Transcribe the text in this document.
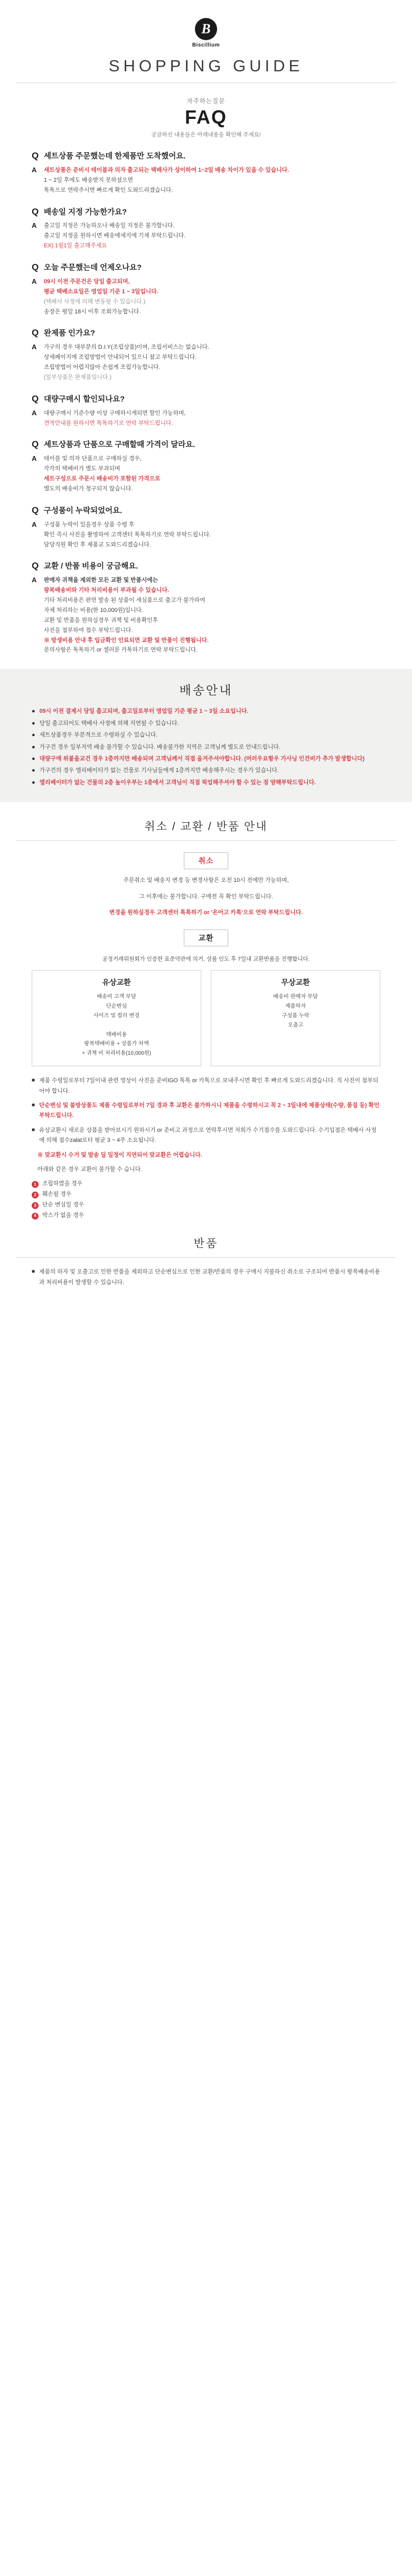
B
Biscillium
SHOPPING GUIDE
자주하는질문
FAQ
궁금하신 내용들은 아래내용을 확인해 주세요!
Q 세트상품 주문했는데 한제품만 도착했어요.
A	세트상품은 준비시 테이블과 의자 출고되는 택배사가 상이하여 1~2일 배송 차이가 있을 수 있습니다.

1 ~ 2일 후에도 배송받지 못하셨으면

톡톡으로 연락주시면 빠르게 확인 도와드리겠습니다.

Q 배송일 지정 가능한가요?
A	출고일 지정은 가능하오나 배송일 지정은 불가합니다.

출고일 지정을 원하시면 배송메세지에 기재 부탁드립니다.

EX) 1월1일 출고해주세요

Q 오늘 주문했는데 언제오나요?
A	09시 이전 주문건은 당일 출고되며,

평균 택배소요일은 영업일 기준 1 ~ 3일입니다.

(택배사 사정에 의해 변동될 수 있습니다.)

송장은 평일 18시 이후 조회가능합니다.

Q 완제품 인가요?
A	가구의 경우 대부분의 D.I.Y(조립상품)이며, 조립서비스는 없습니다.

상세페이지에 조립방법이 안내되어 있으니 참고 부탁드립니다.

조립방법이 어렵지않아 손쉽게 조립가능합니다.

(일부상품은 완제품입니다.)

Q 대량구매시 할인되나요?
A	대량구매시 기준수량 이상 구매하시게되면 할인 가능하며,

견적안내를 원하시면 톡톡하기로 연락 부탁드립니다.

Q 세트상품과 단품으로 구매할때 가격이 달라요.
A	테이블 및 의자 단품으로 구매하실 경우,

각각의 택배비가 별도 부과되며

세트구성으로 주문시 배송비가 포함된 가격으로

별도의 배송비가 청구되지 않습니다.

Q 구성품이 누락되었어요.
A	구성품 누락이 있을경우 상품 수령 후

확인 즉시 사진을 촬영하여 고객센터 톡톡하기로 연락 부탁드립니다.

담당직원 확인 후 제품교 도와드리겠습니다.

Q 교환 / 반품 비용이 궁금해요.
A	판매자 귀책을 제외한 모든 교환 및 반품시에는

왕복배송비와 기타 처리비용이 부과될 수 있습니다.

기타 처리비용은 판먼 발송 된 상품이 세심품으로 출고가 불가하여

자체 처리하는 비용(한 10,000원)입니다.

교환 및 반품을 원하실경우 귀책 및 비용확인후

사진을 첨부하여 접수 부탁드립니다.

※ 방생비용 안내 후 입금확인 인료되면 교환 및 반품이 진행됩니다.

문의사항은 톡톡하기 or 셀러문 카톡하기로 연락 부탁드립니다.

배송안내
● 09시 이전 결제시 당일 출고되며, 출고일로부터 영업일 기준 평균 1 ~ 3일 소요입니다.
● 당일 출고되어도 택배사 사정에 의해 지연될 수 있습니다.
● 세트상품경우 부분적으로 수령하실 수 있습니다.
● 가구건 경우 일부지역 배송 불가할 수 있습니다. 배송불가한 지역은 고객님께 별도로 안내드립니다.
● 대량구매 위붙을교건 경우 1층까지만 배송되며 고객님께서 직접 올겨주셔야합니다. (머러우요항우 가사닝 인건비가 추가 발생합니다)
● 가구건의 경우 엘리베이터가 없는 건물로 기사님들에게 1층까지만 배송해주시는 경우가 있습니다.
● 엘리베이터가 없는 건물의 2층 높이우부는 1층에서 고객님이 직접 픽업해주셔야 할 수 있는 점 양해부탁드립니다.
취소 / 교환 / 반품 안내
취소

주문취소 및 배송지 변경 등 변경사항은 오전 10시 전에만 가능하며,

그 이후에는 불가합니다. 구매전 꼭 확인 부탁드립니다.

변경을 원하실경우 고객센터 톡톡하기 or '온어고 카톡'으로 연락 부탁드립니다.

교환
공정거래위원회가 인증한 표준약관에 의거, 상품 인도 후 7일내 교환반품을 진행합니다.
유상교환
배송비 고객 부담
단순변심
사이즈 및 컬러 변경

택배비용
왕복택배비용 + 상품가 차액
+ 귀책 비 처리비용(10,000원)
무상교환
배송비 판매자 부담
제품하자
구성품 누락
오출고
■ 제품 수령일로부터 7일이내 관련 영상이 사진을 준비IGO 톡톡 or 카톡으로 보내주시면 확인 후 빠르게 도와드리겠습니다. 직 사진이 첨부되어야 합니다.
■ 단순변심 및 불방상품도 제품 수령일로부터 7일 경과 후 교환은 불가하시니 제품을 수령하시고 꼭 2 ~ 3일내에 제품상태(수량, 품질 등) 확인 부탁드립니다.
■ 유상교환시 새로운 상품을 받아보시기 원하시기 or 준비고 과정으로 연락후시면 저희가 수기접수를 도와드립니다. 수기입점은 택배사 사정에 의해 접수załat로터 평균 3 ~ 4주 소요됩니다.

※ 맞교환시 수거 및 발송 딜 일정이 지연되어 맞교환은 어렵습니다.

아래와 같은 경우 교환이 불가할 수 습니다.
1	조립하였을 경우
2	훼손될 경우
3	단순 변심일 경우
4	박스가 없을 경우
반품
■ 제품의 하자 및 오출고로 인한 반품을 제외하고 단순변심으로 인한 교환/반품의 경우 구매시 지불하신 취소로 구조되어 반품시 왕복배송비용과 처리비용이 발생할 수 있습니다.
